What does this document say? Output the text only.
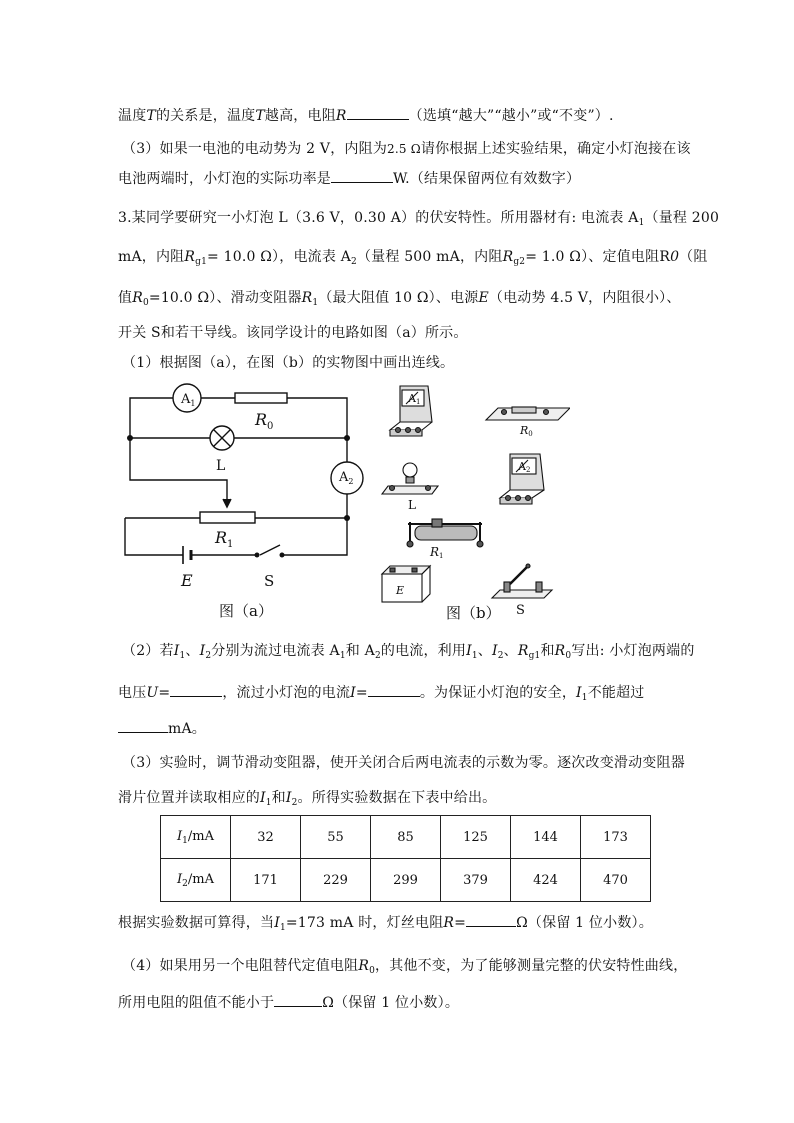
温度T的关系是，温度T越高，电阻R	（选填“越大”“越小”或“不变”）.
（3）如果一电池的电动势为 2 V，内阻为2.5 Ω请你根据上述实验结果，确定小灯泡接在该
电池两端时，小灯泡的实际功率是	W.（结果保留两位有效数字）
3.某同学要研究一小灯泡 L（3.6 V，0.30 A）的伏安特性。所用器材有: 电流表 $A_1$（量程 200
mA，内阻$R_{g1}= 10.0$ Ω），电流表 $A_2$（量程 500 mA，内阻$R_{g2}= 1.0$ Ω）、定值电阻R0（阻
值$R_0=10.0$ Ω）、滑动变阻器$R_1$（最大阻值 10 Ω）、电源E（电动势 4.5 V，内阻很小）、
开关 S和若干导线。该同学设计的电路如图（a）所示。
（1）根据图（a），在图（b）的实物图中画出连线。
$A_1$
$R_0$
L
$A_2$
$R_1$
E	S
图（a）
A1
R0
L
A2
R1
E
S
图（b）
（2）若$I_1$、$I_2$分别为流过电流表 $A_1$和 $A_2$的电流，利用$I_1$、$I_2$、$R_{g1}$和$R_0$写出: 小灯泡两端的
电压U=	，流过小灯泡的电流I=	。为保证小灯泡的安全，$I_1$不能超过
mA。
（3）实验时，调节滑动变阻器，使开关闭合后两电流表的示数为零。逐次改变滑动变阻器
滑片位置并读取相应的$I_1$和$I_2$。所得实验数据在下表中给出。
$I_1/mA$	32	55	85	125	144	173
$I_2/mA$	171	229	299	379	424	470
根据实验数据可算得，当$I_1=173$ mA 时，灯丝电阻R=	Ω（保留 1 位小数）。
（4）如果用另一个电阻替代定值电阻$R_0$，其他不变，为了能够测量完整的伏安特性曲线，
所用电阻的阻值不能小于	Ω（保留 1 位小数）。
